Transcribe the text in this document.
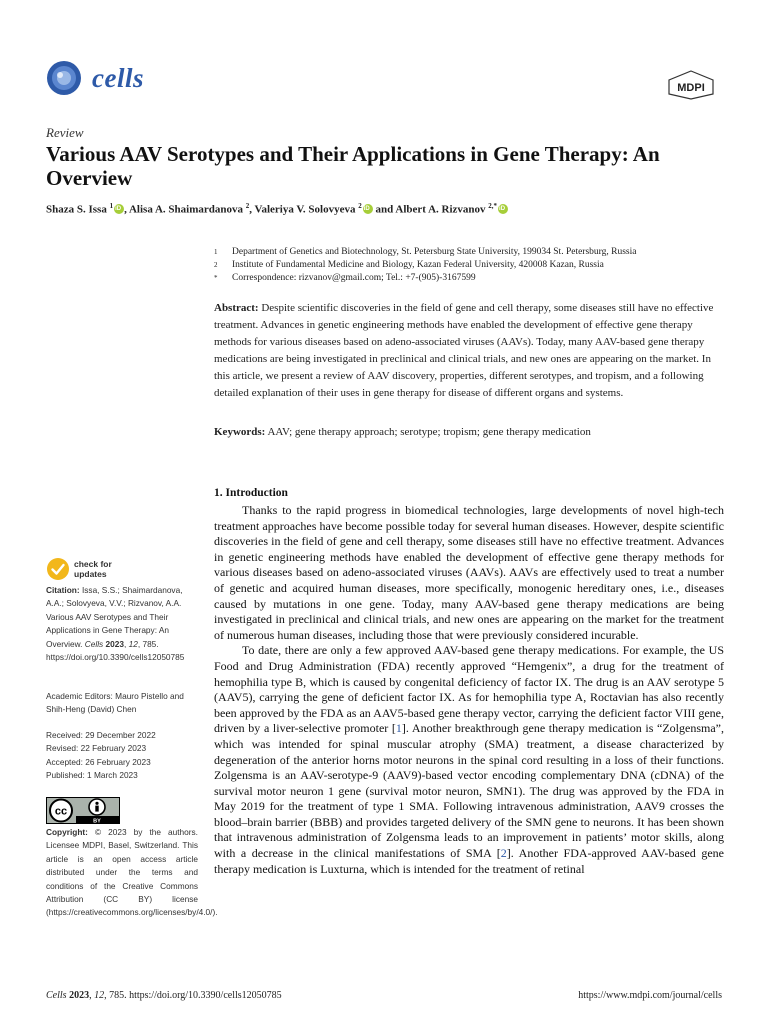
cells	MDPI
Review
Various AAV Serotypes and Their Applications in Gene Therapy: An Overview
Shaza S. Issa $^1$iD , Alisa A. Shaimardanova $^2$, Valeriya V. Solovyeva $^2$iD and Albert A. Rizvanov $^{2,*}$iD
1	Department of Genetics and Biotechnology, St. Petersburg State University, 199034 St. Petersburg, Russia
2	Institute of Fundamental Medicine and Biology, Kazan Federal University, 420008 Kazan, Russia
*	Correspondence: rizvanov@gmail.com; Tel.: +7-(905)-3167599
Abstract: Despite scientific discoveries in the field of gene and cell therapy, some diseases still have no effective treatment. Advances in genetic engineering methods have enabled the development of effective gene therapy methods for various diseases based on adeno-associated viruses (AAVs). Today, many AAV-based gene therapy medications are being investigated in preclinical and clinical trials, and new ones are appearing on the market. In this article, we present a review of AAV discovery, properties, different serotypes, and tropism, and a following detailed explanation of their uses in gene therapy for disease of different organs and systems.
Keywords: AAV; gene therapy approach; serotype; tropism; gene therapy medication
1. Introduction

Thanks to the rapid progress in biomedical technologies, large developments of novel high-tech treatment approaches have become possible today for several human diseases. However, despite scientific discoveries in the field of gene and cell therapy, some diseases still have no effective treatment. Advances in genetic engineering methods have enabled the development of effective gene therapy methods for various diseases based on adeno-associated viruses (AAVs). AAVs are effectively used to treat a number of genetic and acquired human diseases, more specifically, monogenic hereditary ones, i.e., diseases caused by mutations in one gene. Today, many AAV-based gene therapy medications are being investigated in preclinical and clinical trials, and new ones are appearing on the market for the treatment of numerous human diseases, including those that were previously considered incurable.

To date, there are only a few approved AAV-based gene therapy medications. For example, the US Food and Drug Administration (FDA) recently approved “Hemgenix”, a drug for the treatment of hemophilia type B, which is caused by congenital deficiency of factor IX. The drug is an AAV serotype 5 (AAV5), carrying the gene of deficient factor IX. As for hemophilia type A, Roctavian has also recently been approved by the FDA as an AAV5-based gene therapy vector, carrying the deficient factor VIII gene, driven by a liver-selective promoter [1]. Another breakthrough gene therapy medication is “Zolgensma”, which was intended for spinal muscular atrophy (SMA) treatment, a disease characterized by degeneration of the anterior horns motor neurons in the spinal cord resulting in a loss of their functions. Zolgensma is an AAV-serotype-9 (AAV9)-based vector encoding complementary DNA (cDNA) of the survival motor neuron 1 gene (survival motor neuron, SMN1). The drug was approved by the FDA in May 2019 for the treatment of type 1 SMA. Following intravenous administration, AAV9 crosses the blood–brain barrier (BBB) and provides targeted delivery of the SMN gene to neurons. It has been shown that intravenous administration of Zolgensma leads to an improvement in patients’ motor skills, along with a decrease in the clinical manifestations of SMA [2]. Another FDA-approved AAV-based gene therapy medication is Luxturna, which is intended for the treatment of retinal

check for
updates
Citation: Issa, S.S.; Shaimardanova, A.A.; Solovyeva, V.V.; Rizvanov, A.A. Various AAV Serotypes and Their Applications in Gene Therapy: An Overview. Cells 2023, 12, 785. https://doi.org/10.3390/cells12050785
Academic Editors: Mauro Pistello and Shih-Heng (David) Chen
Received: 29 December 2022
Revised: 22 February 2023
Accepted: 26 February 2023
Published: 1 March 2023
cc
BY
Copyright: © 2023 by the authors. Licensee MDPI, Basel, Switzerland. This article is an open access article distributed under the terms and conditions of the Creative Commons Attribution (CC BY) license (https://creativecommons.org/licenses/by/4.0/).
Cells 2023, 12, 785. https://doi.org/10.3390/cells12050785	https://www.mdpi.com/journal/cells
